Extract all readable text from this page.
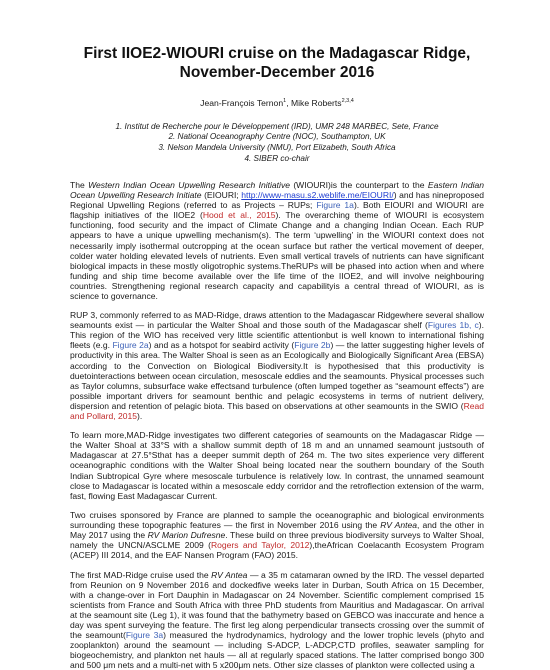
First IIOE2-WIOURI cruise on the Madagascar Ridge,
November-December 2016
Jean-François Ternon$^1$, Mike Roberts$^{2,3,4}$
1. Institut de Recherche pour le Développement (IRD), UMR 248 MARBEC, Sete, France
2. National Oceanography Centre (NOC), Southampton, UK
3. Nelson Mandela University (NMU), Port Elizabeth, South Africa
4. SIBER co-chair

The Western Indian Ocean Upwelling Research Initiative (WIOURI)is the counterpart to the Eastern Indian Ocean Upwelling Research Initiate (EIOURI; http://www-masu.s2.weblife.me/EIOURI/) and has nineproposed Regional Upwelling Regions (referred to as Projects – RUPs; Figure 1a). Both EIOURI and WIOURI are flagship initiatives of the IIOE2 (Hood et al., 2015). The overarching theme of WIOURI is ecosystem functioning, food security and the impact of Climate Change and a changing Indian Ocean. Each RUP appears to have a unique upwelling mechanism(s). The term ‘upwelling’ in the WIOURI context does not necessarily imply isothermal outcropping at the ocean surface but rather the vertical movement of deeper, colder water holding elevated levels of nutrients. Even small vertical travels of nutrients can have significant biological impacts in these mostly oligotrophic systems.TheRUPs will be phased into action when and where funding and ship time become available over the life time of the IIOE2, and will involve neighbouring countries. Strengthening regional research capacity and capabilityis a central thread of WIOURI, as is science to governance.

RUP 3, commonly referred to as MAD-Ridge, draws attention to the Madagascar Ridgewhere several shallow seamounts exist — in particular the Walter Shoal and those south of the Madagascar shelf (Figures 1b, c). This region of the WIO has received very little scientific attentionbut is well known to international fishing fleets (e.g. Figure 2a) and as a hotspot for seabird activity (Figure 2b) — the latter suggesting higher levels of productivity in this area. The Walter Shoal is seen as an Ecologically and Biologically Significant Area (EBSA) according to the Convection on Biological Biodiversity.It is hypothesised that this productivity is duetointeractions between ocean circulation, mesoscale eddies and the seamounts. Physical processes such as Taylor columns, subsurface wake effectsand turbulence (often lumped together as “seamount effects”) are possible important drivers for seamount benthic and pelagic ecosystems in terms of nutrient delivery, dispersion and retention of pelagic biota. This based on observations at other seamounts in the SWIO (Read and Pollard, 2015).

To learn more,MAD-Ridge investigates two different categories of seamounts on the Madagascar Ridge — the Walter Shoal at 33°S with a shallow summit depth of 18 m and an unnamed seamount justsouth of Madagascar at 27.5°Sthat has a deeper summit depth of 264 m. The two sites experience very different oceanographic conditions with the Walter Shoal being located near the southern boundary of the South Indian Subtropical Gyre where mesoscale turbulence is relatively low. In contrast, the unnamed seamount close to Madagascar is located within a mesoscale eddy corridor and the retroflection extension of the warm, fast, flowing East Madagascar Current.

Two cruises sponsored by France are planned to sample the oceanographic and biological environments surrounding these topographic features — the first in November 2016 using the RV Antea, and the other in May 2017 using the RV Marion Dufresne. These build on three previous biodiversity surveys to Walter Shoal, namely the UNCN/ASCLME 2009 (Rogers and Taylor, 2012),theAfrican Coelacanth Ecosystem Program (ACEP) III 2014, and the EAF Nansen Program (FAO) 2015.

The first MAD-Ridge cruise used the RV Antea — a 35 m catamaran owned by the IRD. The vessel departed from Reunion on 9 November 2016 and dockedfive weeks later in Durban, South Africa on 15 December, with a change-over in Fort Dauphin in Madagascar on 24 November. Scientific complement comprised 15 scientists from France and South Africa with three PhD students from Mauritius and Madagascar. On arrival at the seamount site (Leg 1), it was found that the bathymetry based on GEBCO was inaccurate and hence a day was spent surveying the feature. The first leg along perpendicular transects crossing over the summit of the seamount(Figure 3a) measured the hydrodynamics, hydrology and the lower trophic levels (phyto and zooplankton) around the seamount — including S-ADCP, L-ADCP,CTD profiles, seawater sampling for biogeochemistry, and plankton net hauls — all at regularly spaced stations. The latter comprised bongo 300 and 500 μm nets and a multi-net with 5 x200μm nets. Other size classes of plankton were collected using a
